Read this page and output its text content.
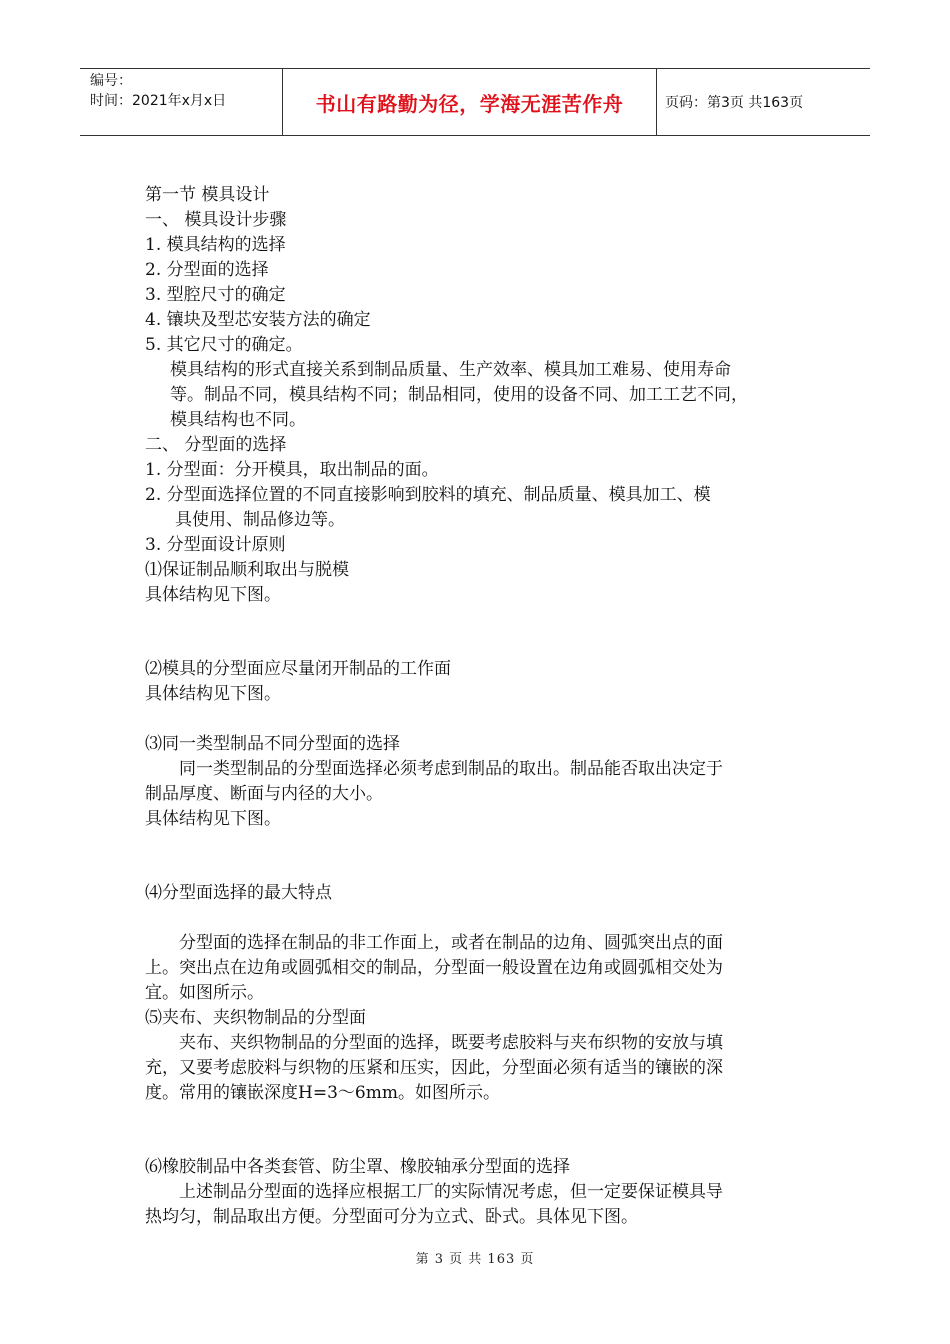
编号：
时间：2021年x月x日	书山有路勤为径，学海无涯苦作舟	页码：第3页 共163页
第一节 模具设计
一、 模具设计步骤
1. 模具结构的选择
2. 分型面的选择
3. 型腔尺寸的确定
4. 镶块及型芯安装方法的确定
5. 其它尺寸的确定。
模具结构的形式直接关系到制品质量、生产效率、模具加工难易、使用寿命
等。制品不同，模具结构不同；制品相同，使用的设备不同、加工工艺不同，
模具结构也不同。
二、 分型面的选择
1. 分型面：分开模具，取出制品的面。
2. 分型面选择位置的不同直接影响到胶料的填充、制品质量、模具加工、模
具使用、制品修边等。
3. 分型面设计原则
⑴保证制品顺利取出与脱模
具体结构见下图。
⑵模具的分型面应尽量闭开制品的工作面
具体结构见下图。
⑶同一类型制品不同分型面的选择
同一类型制品的分型面选择必须考虑到制品的取出。制品能否取出决定于
制品厚度、断面与内径的大小。
具体结构见下图。
⑷分型面选择的最大特点
分型面的选择在制品的非工作面上，或者在制品的边角、圆弧突出点的面
上。突出点在边角或圆弧相交的制品，分型面一般设置在边角或圆弧相交处为
宜。如图所示。
⑸夹布、夹织物制品的分型面
夹布、夹织物制品的分型面的选择，既要考虑胶料与夹布织物的安放与填
充，又要考虑胶料与织物的压紧和压实，因此，分型面必须有适当的镶嵌的深
度。常用的镶嵌深度H=3～6mm。如图所示。
⑹橡胶制品中各类套管、防尘罩、橡胶轴承分型面的选择
上述制品分型面的选择应根据工厂的实际情况考虑，但一定要保证模具导
热均匀，制品取出方便。分型面可分为立式、卧式。具体见下图。
第 3 页 共 163 页
